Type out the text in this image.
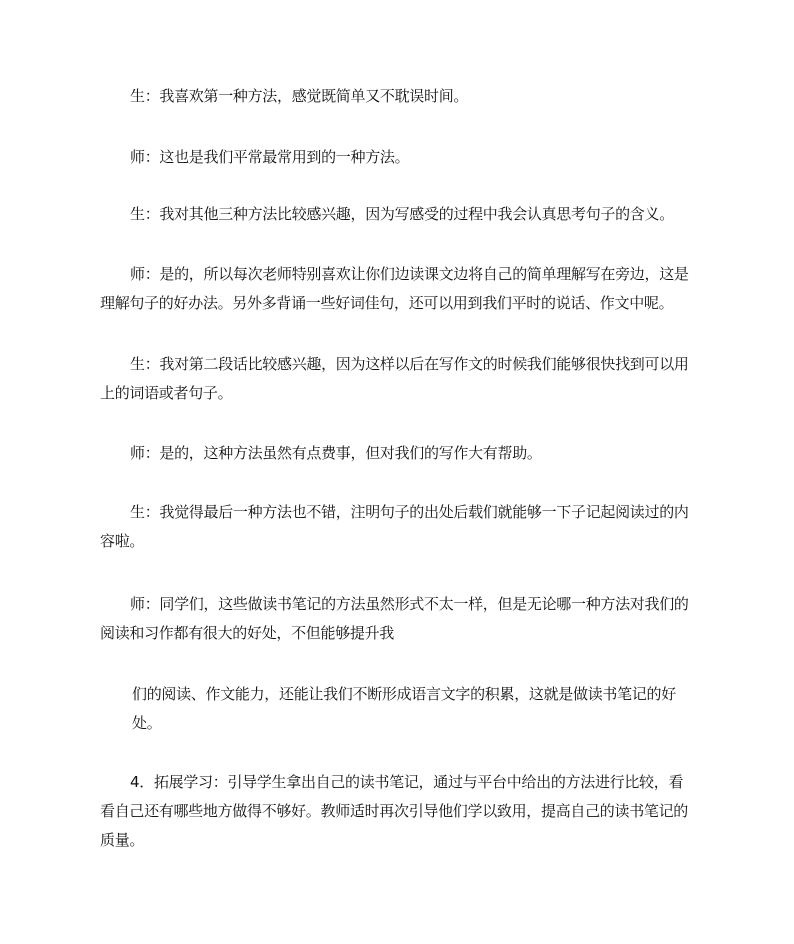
生：我喜欢第一种方法，感觉既简单又不耽误时间。

师：这也是我们平常最常用到的一种方法。

生：我对其他三种方法比较感兴趣，因为写感受的过程中我会认真思考句子的含义。

师：是的，所以每次老师特别喜欢让你们边读课文边将自己的简单理解写在旁边，这是理解句子的好办法。另外多背诵一些好词佳句，还可以用到我们平时的说话、作文中呢。

生：我对第二段话比较感兴趣，因为这样以后在写作文的时候我们能够很快找到可以用上的词语或者句子。

师：是的，这种方法虽然有点费事，但对我们的写作大有帮助。

生：我觉得最后一种方法也不错，注明句子的出处后载们就能够一下子记起阅读过的内容啦。

师：同学们，这些做读书笔记的方法虽然形式不太一样，但是无论哪一种方法对我们的阅读和习作都有很大的好处，不但能够提升我

们的阅读、作文能力，还能让我们不断形成语言文字的积累，这就是做读书笔记的好处。

4．拓展学习：引导学生拿出自己的读书笔记，通过与平台中给出的方法进行比较，看看自己还有哪些地方做得不够好。教师适时再次引导他们学以致用，提高自己的读书笔记的质量。
